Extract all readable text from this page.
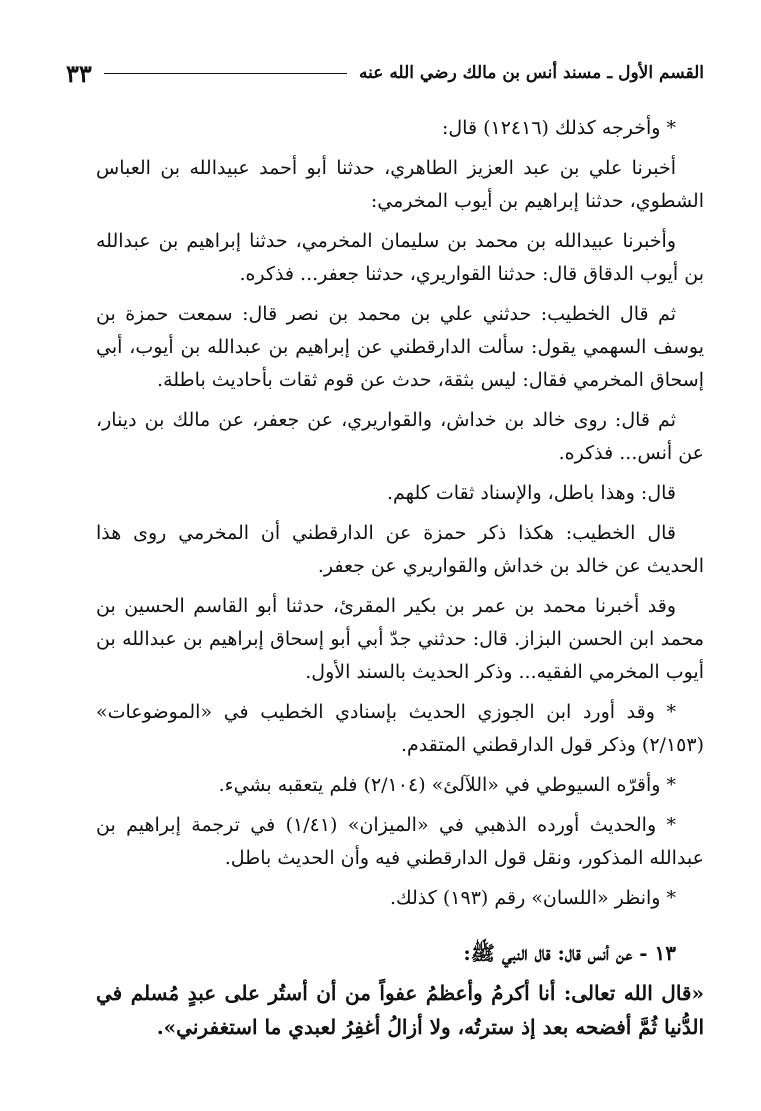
القسم الأول ـ مسند أنس بن مالك رضي الله عنه
٣٣

* وأخرجه كذلك (١٢٤١٦) قال:

أخبرنا علي بن عبد العزيز الطاهري، حدثنا أبو أحمد عبيدالله بن العباس الشطوي، حدثنا إبراهيم بن أيوب المخرمي:

وأخبرنا عبيدالله بن محمد بن سليمان المخرمي، حدثنا إبراهيم بن عبدالله بن أيوب الدقاق قال: حدثنا القواريري، حدثنا جعفر... فذكره.

ثم قال الخطيب: حدثني علي بن محمد بن نصر قال: سمعت حمزة بن يوسف السهمي يقول: سألت الدارقطني عن إبراهيم بن عبدالله بن أيوب، أبي إسحاق المخرمي فقال: ليس بثقة، حدث عن قوم ثقات بأحاديث باطلة.

ثم قال: روى خالد بن خداش، والقواريري، عن جعفر، عن مالك بن دينار، عن أنس... فذكره.

قال: وهذا باطل، والإسناد ثقات كلهم.

قال الخطيب: هكذا ذكر حمزة عن الدارقطني أن المخرمي روى هذا الحديث عن خالد بن خداش والقواريري عن جعفر.

وقد أخبرنا محمد بن عمر بن بكير المقرئ، حدثنا أبو القاسم الحسين بن محمد ابن الحسن البزاز. قال: حدثني جدّ أبي أبو إسحاق إبراهيم بن عبدالله بن أيوب المخرمي الفقيه... وذكر الحديث بالسند الأول.

* وقد أورد ابن الجوزي الحديث بإسنادي الخطيب في «الموضوعات» (٢/١٥٣) وذكر قول الدارقطني المتقدم.

* وأقرّه السيوطي في «اللآلئ» (٢/١٠٤) فلم يتعقبه بشيء.

* والحديث أورده الذهبي في «الميزان» (١/٤١) في ترجمة إبراهيم بن عبدالله المذكور، ونقل قول الدارقطني فيه وأن الحديث باطل.

* وانظر «اللسان» رقم (١٩٣) كذلك.

١٣ - عن أنس قال: قال النبي ﷺ:

«قال الله تعالى: أنا أكرمُ وأعظمُ عفواً من أن أستُر على عبدٍ مُسلم في الدُّنيا ثُمَّ أفضحه بعد إذ سترتُه، ولا أزالُ أغفِرُ لعبدي ما استغفرني».
